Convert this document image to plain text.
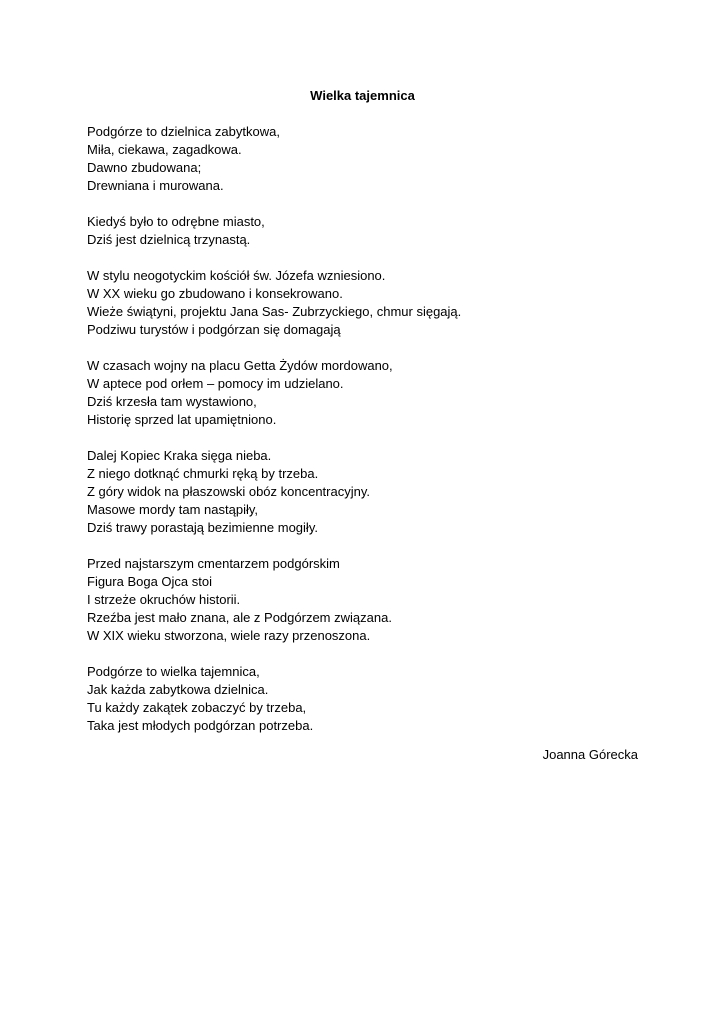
Wielka tajemnica
Podgórze to dzielnica zabytkowa,
Miła, ciekawa, zagadkowa.
Dawno zbudowana;
Drewniana i murowana.
Kiedyś było to odrębne miasto,
Dziś jest dzielnicą trzynastą.
W stylu neogotyckim kościół św. Józefa wzniesiono.
W XX wieku go zbudowano i konsekrowano.
Wieże świątyni, projektu Jana Sas- Zubrzyckiego, chmur sięgają.
Podziwu turystów i podgórzan się domagają
W czasach wojny na placu Getta Żydów mordowano,
W aptece pod orłem – pomocy im udzielano.
Dziś krzesła tam wystawiono,
Historię sprzed lat upamiętniono.
Dalej Kopiec Kraka sięga nieba.
Z niego dotknąć chmurki ręką by trzeba.
Z góry widok na płaszowski obóz koncentracyjny.
Masowe mordy tam nastąpiły,
Dziś trawy porastają bezimienne mogiły.
Przed najstarszym cmentarzem podgórskim
Figura Boga Ojca stoi
I strzeże okruchów historii.
Rzeźba jest mało znana, ale z Podgórzem związana.
W XIX wieku stworzona, wiele razy przenoszona.
Podgórze to wielka tajemnica,
Jak każda zabytkowa dzielnica.
Tu każdy zakątek zobaczyć by trzeba,
Taka jest młodych podgórzan potrzeba.
Joanna Górecka
